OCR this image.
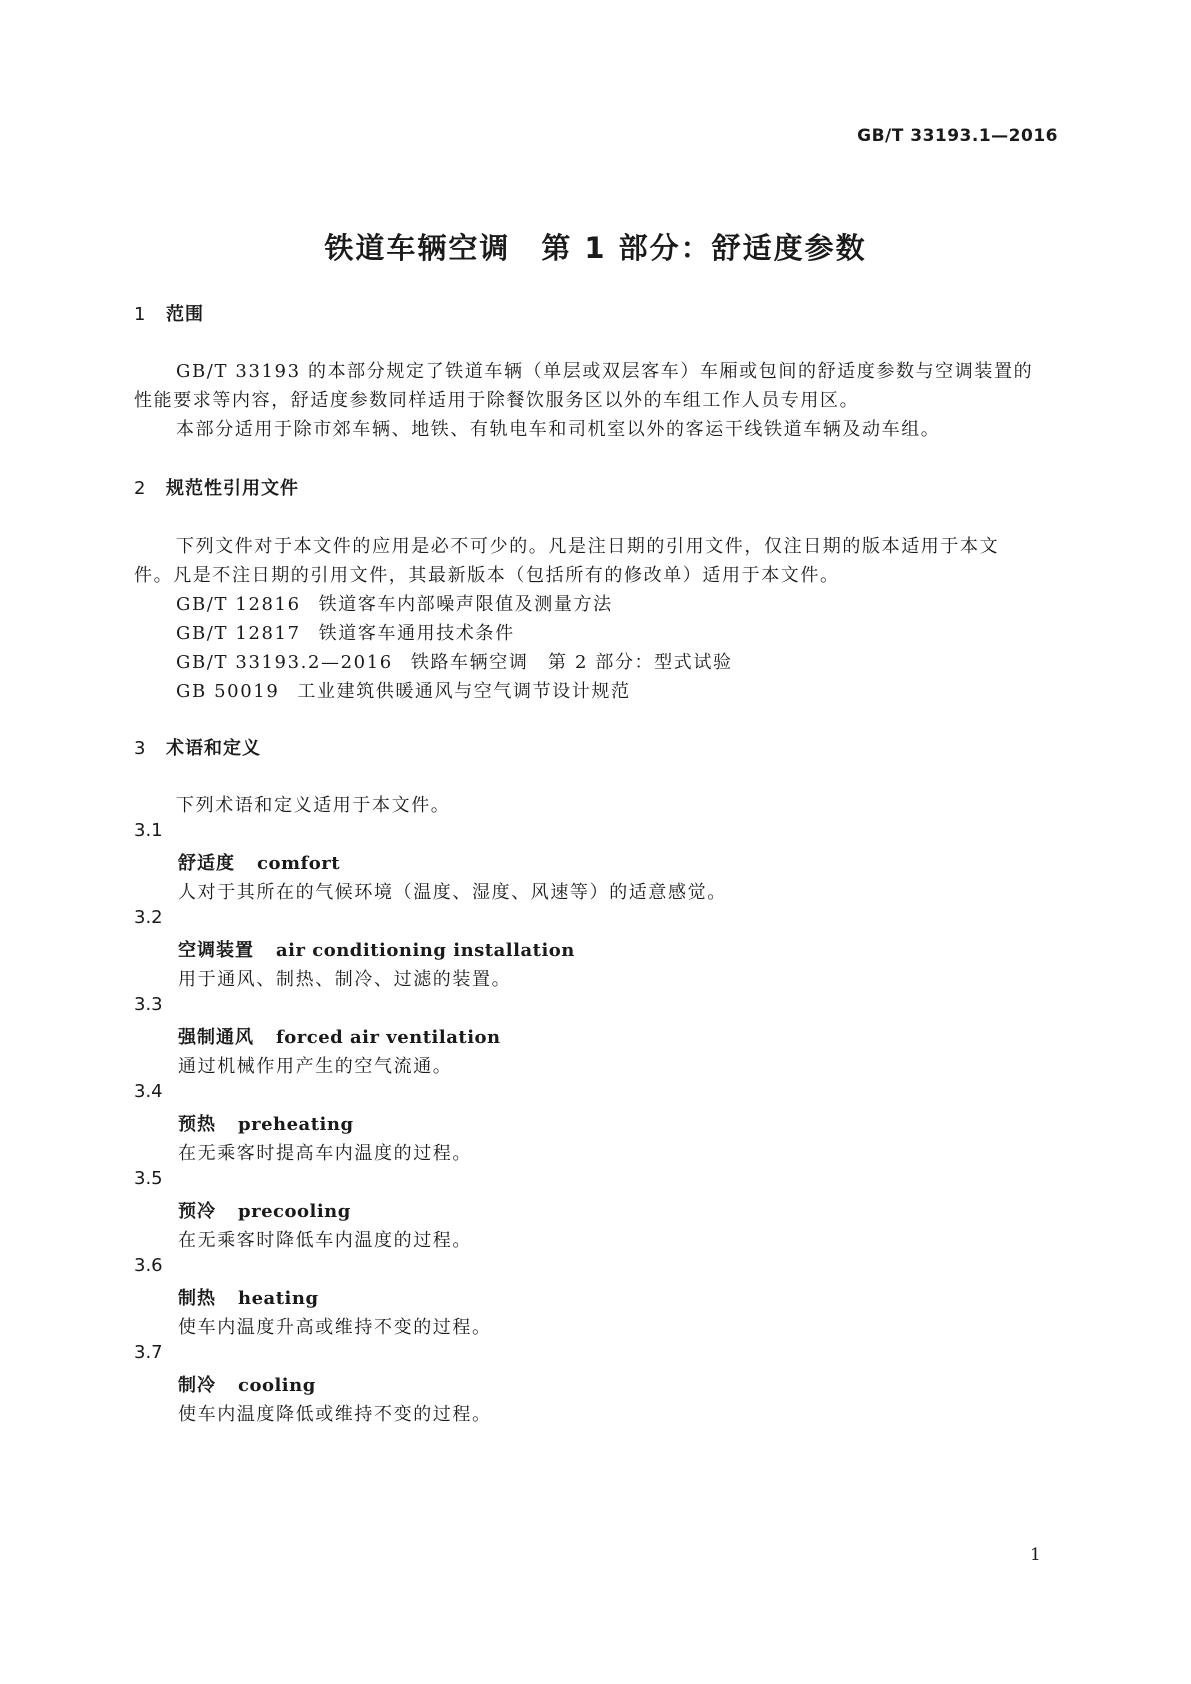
GB/T 33193.1—2016
铁道车辆空调　第 1 部分：舒适度参数
1 范围
GB/T 33193 的本部分规定了铁道车辆（单层或双层客车）车厢或包间的舒适度参数与空调装置的
性能要求等内容，舒适度参数同样适用于除餐饮服务区以外的车组工作人员专用区。
本部分适用于除市郊车辆、地铁、有轨电车和司机室以外的客运干线铁道车辆及动车组。
2 规范性引用文件
下列文件对于本文件的应用是必不可少的。凡是注日期的引用文件，仅注日期的版本适用于本文
件。凡是不注日期的引用文件，其最新版本（包括所有的修改单）适用于本文件。
GB/T 12816 铁道客车内部噪声限值及测量方法
GB/T 12817 铁道客车通用技术条件
GB/T 33193.2—2016 铁路车辆空调　第 2 部分：型式试验
GB 50019 工业建筑供暖通风与空气调节设计规范
3 术语和定义
下列术语和定义适用于本文件。
3.1
舒适度 comfort
人对于其所在的气候环境（温度、湿度、风速等）的适意感觉。
3.2
空调装置 air conditioning installation
用于通风、制热、制冷、过滤的装置。
3.3
强制通风 forced air ventilation
通过机械作用产生的空气流通。
3.4
预热 preheating
在无乘客时提高车内温度的过程。
3.5
预冷 precooling
在无乘客时降低车内温度的过程。
3.6
制热 heating
使车内温度升高或维持不变的过程。
3.7
制冷 cooling
使车内温度降低或维持不变的过程。
1
